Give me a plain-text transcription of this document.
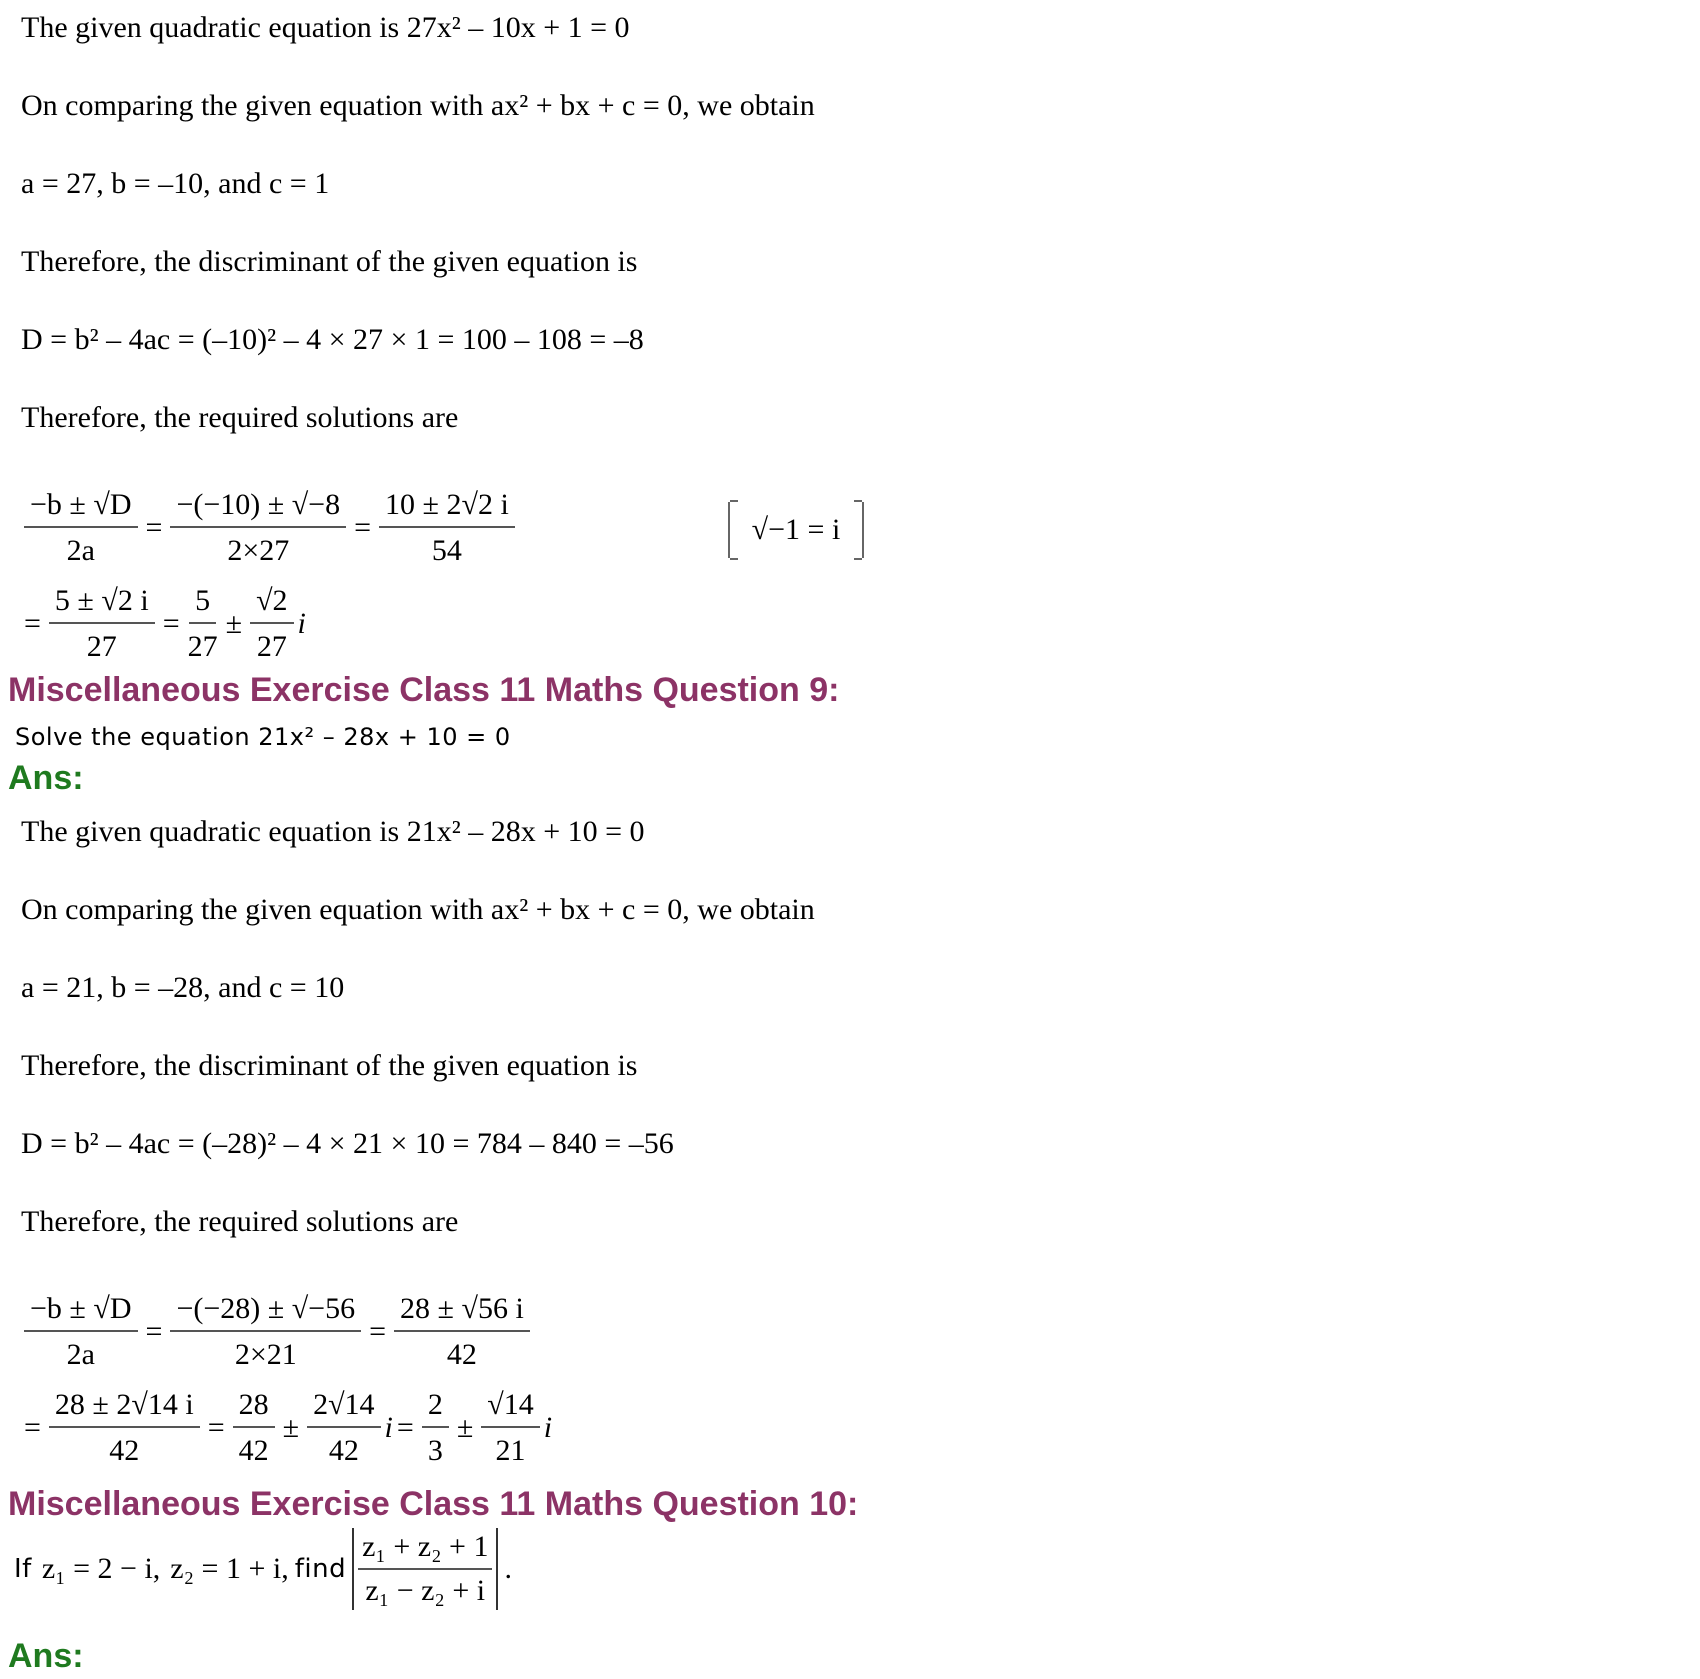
The given quadratic equation is 27x² – 10x + 1 = 0
On comparing the given equation with ax² + bx + c = 0, we obtain
a = 27, b = –10, and c = 1
Therefore, the discriminant of the given equation is
D = b² – 4ac = (–10)² – 4 × 27 × 1 = 100 – 108 = –8
Therefore, the required solutions are
$\frac{-b \pm √D}{2a} = \frac{-(-10) \pm √-8}{2\times 27} = \frac{10 \pm 2√2 i}{54}$	√−1 = i
= $\frac{5 \pm √2 i}{27} = \frac{5}{27} \pm \frac{√2}{27}$ i
Miscellaneous Exercise Class 11 Maths Question 9:
Solve the equation 21x² – 28x + 10 = 0
Ans:
The given quadratic equation is 21x² – 28x + 10 = 0
On comparing the given equation with ax² + bx + c = 0, we obtain
a = 21, b = –28, and c = 10
Therefore, the discriminant of the given equation is
D = b² – 4ac = (–28)² – 4 × 21 × 10 = 784 – 840 = –56
Therefore, the required solutions are
$\frac{-b \pm √D}{2a} = \frac{-(-28) \pm √-56}{2\times 21} = \frac{28 \pm √56 i}{42}$
= $\frac{28 \pm 2√14 i}{42} = \frac{28}{42} \pm \frac{2√14}{42}$ $i = \frac{2}{3} \pm \frac{√14}{21}$ i
Miscellaneous Exercise Class 11 Maths Question 10:
If z₁ = 2 − i, z₂ = 1 + i, find $\frac{\text{z₁ + z₂ + 1}}{\text{z₁ − z₂ + i}}$ .
Ans:
